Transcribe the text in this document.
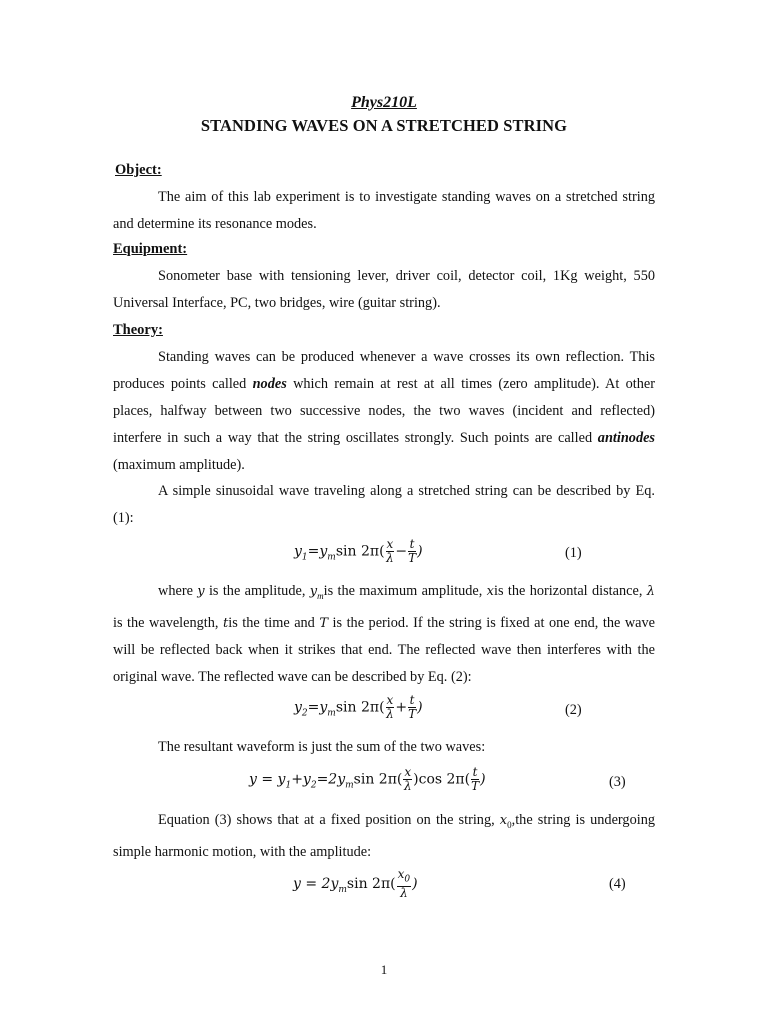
Phys210L
STANDING WAVES ON A STRETCHED STRING
Object:
The aim of this lab experiment is to investigate standing waves on a stretched string and determine its resonance modes.
Equipment:
Sonometer base with tensioning lever, driver coil, detector coil, 1Kg weight, 550 Universal Interface, PC, two bridges, wire (guitar string).
Theory:
Standing waves can be produced whenever a wave crosses its own reflection. This produces points called nodes which remain at rest at all times (zero amplitude). At other places, halfway between two successive nodes, the two waves (incident and reflected) interfere in such a way that the string oscillates strongly. Such points are called antinodes (maximum amplitude).
A simple sinusoidal wave traveling along a stretched string can be described by Eq. (1):
$y_1=y_m\sin$ $2\pi( \frac{x}{\lambda} - \frac{t}{T}$ )	(1)
where y is the amplitude, $y_mis$ the maximum amplitude, xis the horizontal distance, λ is the wavelength, tis the time and T is the period. If the string is fixed at one end, the wave will be reflected back when it strikes that end. The reflected wave then interferes with the original wave. The reflected wave can be described by Eq. (2):
$y_2=y_m\sin$ $2\pi( \frac{x}{\lambda} + \frac{t}{T}$ )	(2)
The resultant waveform is just the sum of the two waves:
$y = y_1+y_2=2y_m\sin$ $2\pi( \frac{x}{\lambda} )\cos$ $2\pi( \frac{t}{T}$ )	(3)
Equation (3) shows that at a fixed position on the string, $x_0,the$ string is undergoing simple harmonic motion, with the amplitude:
$y = 2y_m\sin$ $2\pi( \frac{x_0}{\lambda}$ )	(4)
1
